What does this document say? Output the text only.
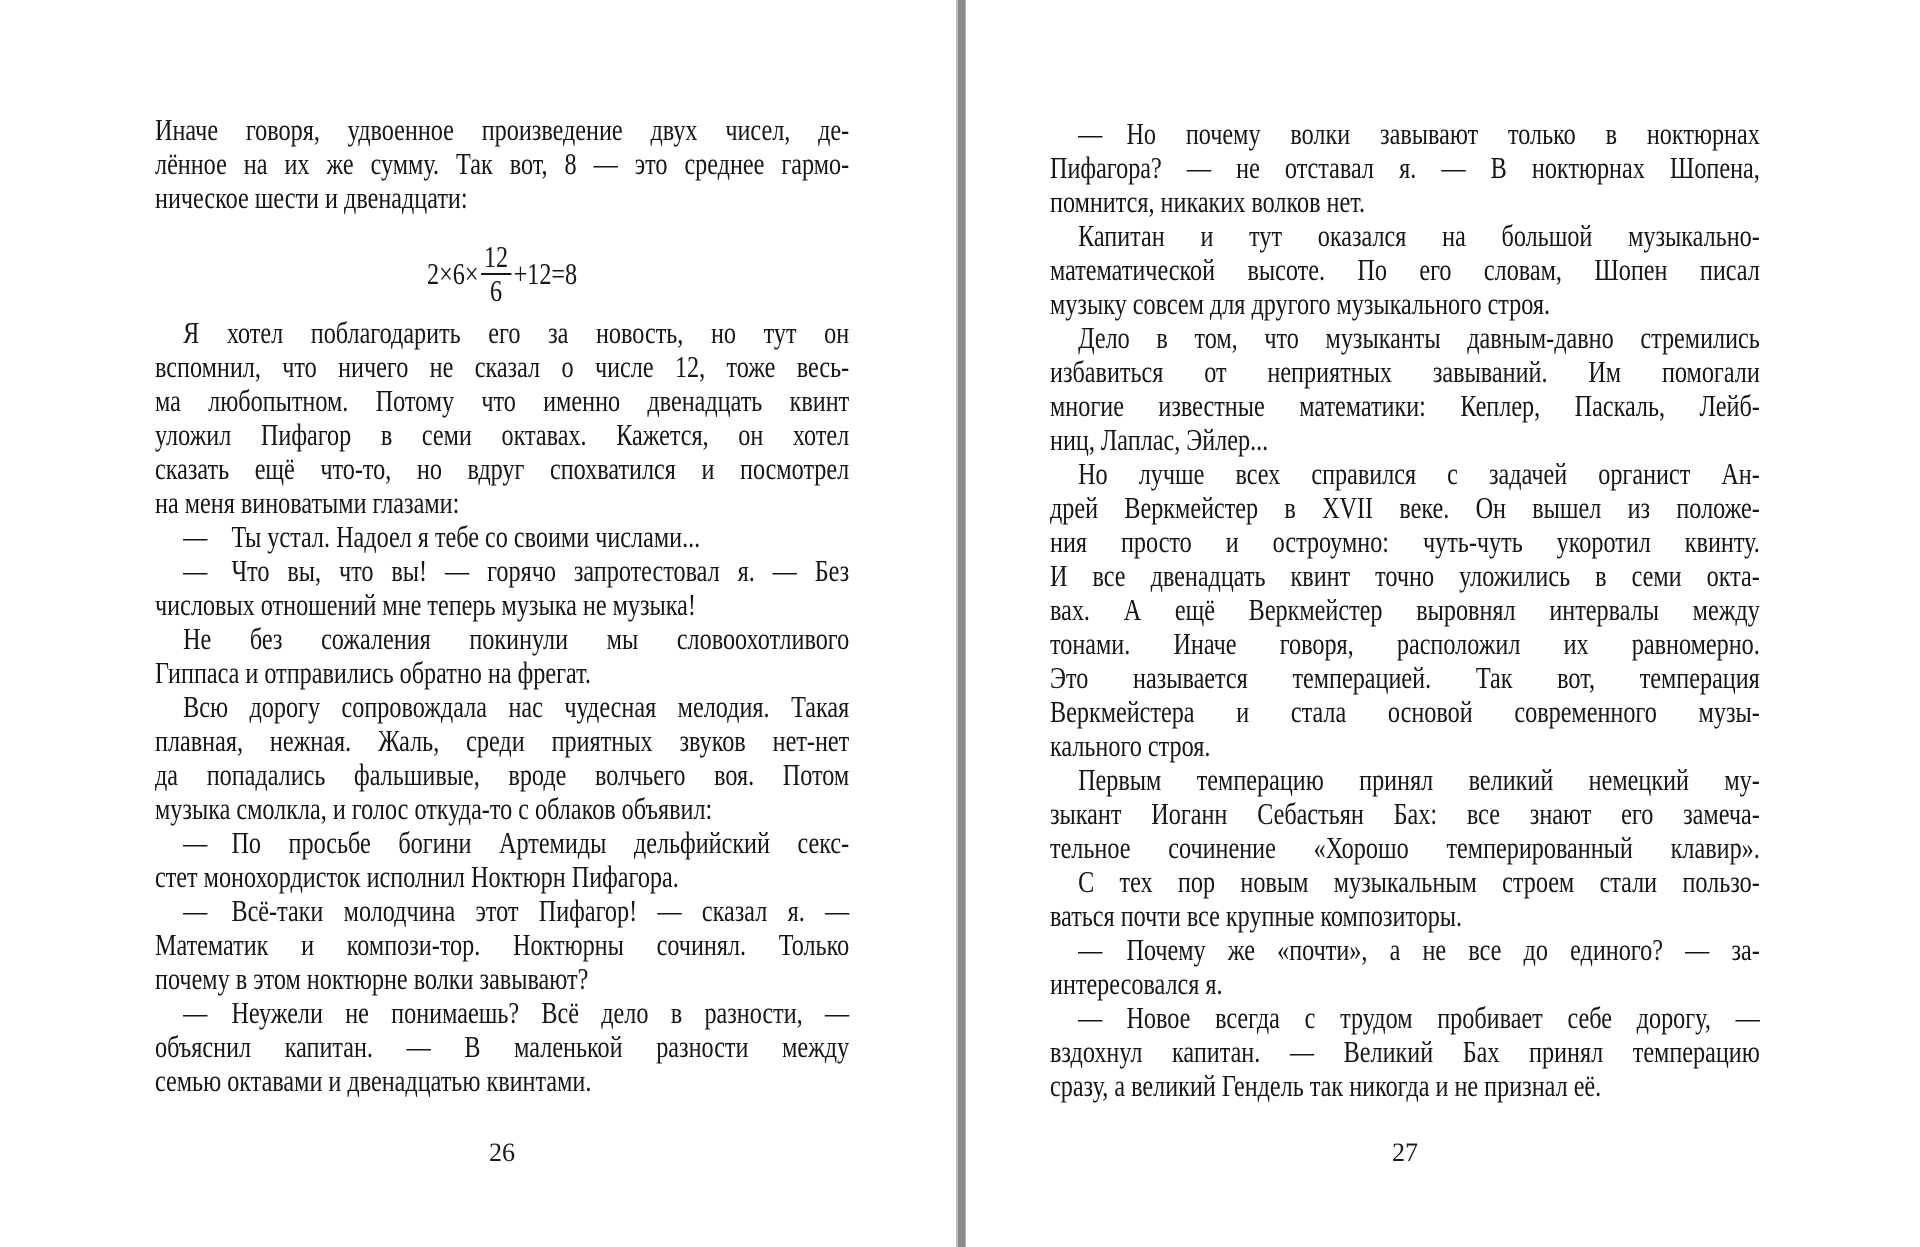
Иначе говоря, удвоенное произведение двух чисел, де-
лённое на их же сумму. Так вот, 8 — это среднее гармо-
ническое шести и двенадцати:
$2\times 6\times \frac{12}{6} +12=8$
Я хотел поблагодарить его за новость, но тут он
вспомнил, что ничего не сказал о числе 12, тоже весь-
ма любопытном. Потому что именно двенадцать квинт
уложил Пифагор в семи октавах. Кажется, он хотел
сказать ещё что-то, но вдруг спохватился и посмотрел
на меня виноватыми глазами:
— Ты устал. Надоел я тебе со своими числами...
— Что вы, что вы! — горячо запротестовал я. — Без
числовых отношений мне теперь музыка не музыка!
Не без сожаления покинули мы словоохотливого
Гиппаса и отправились обратно на фрегат.
Всю дорогу сопровождала нас чудесная мелодия. Такая
плавная, нежная. Жаль, среди приятных звуков нет-нет
да попадались фальшивые, вроде волчьего воя. Потом
музыка смолкла, и голос откуда-то с облаков объявил:
— По просьбе богини Артемиды дельфийский секс-
стет монохордисток исполнил Ноктюрн Пифагора.
— Всё-таки молодчина этот Пифагор! — сказал я. —
Математик и компози-тор. Ноктюрны сочинял. Только
почему в этом ноктюрне волки завывают?
— Неужели не понимаешь? Всё дело в разности, —
объяснил капитан. — В маленькой разности между
семью октавами и двенадцатью квинтами.
— Но почему волки завывают только в ноктюрнах
Пифагора? — не отставал я. — В ноктюрнах Шопена,
помнится, никаких волков нет.
Капитан и тут оказался на большой музыкально-
математической высоте. По его словам, Шопен писал
музыку совсем для другого музыкального строя.
Дело в том, что музыканты давным-давно стремились
избавиться от неприятных завываний. Им помогали
многие известные математики: Кеплер, Паскаль, Лейб-
ниц, Лаплас, Эйлер...
Но лучше всех справился с задачей органист Ан-
дрей Веркмейстер в XVII веке. Он вышел из положе-
ния просто и остроумно: чуть-чуть укоротил квинту.
И все двенадцать квинт точно уложились в семи окта-
вах. А ещё Веркмейстер выровнял интервалы между
тонами. Иначе говоря, расположил их равномерно.
Это называется темперацией. Так вот, темперация
Веркмейстера и стала основой современного музы-
кального строя.
Первым темперацию принял великий немецкий му-
зыкант Иоганн Себастьян Бах: все знают его замеча-
тельное сочинение «Хорошо темперированный клавир».
С тех пор новым музыкальным строем стали пользо-
ваться почти все крупные композиторы.
— Почему же «почти», а не все до единого? — за-
интересовался я.
— Новое всегда с трудом пробивает себе дорогу, —
вздохнул капитан. — Великий Бах принял темперацию
сразу, а великий Гендель так никогда и не признал её.
26	27
